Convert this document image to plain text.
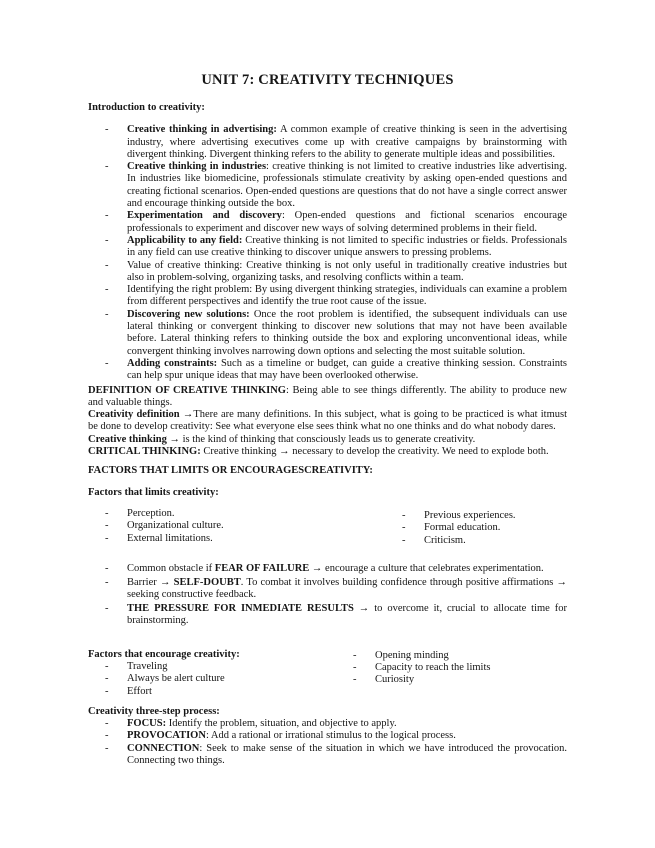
UNIT 7: CREATIVITY TECHNIQUES
Introduction to creativity:
- Creative thinking in advertising: A common example of creative thinking is seen in the advertising industry, where advertising executives come up with creative campaigns by brainstorming with divergent thinking. Divergent thinking refers to the ability to generate multiple ideas and possibilities.
- Creative thinking in industries: creative thinking is not limited to creative industries like advertising. In industries like biomedicine, professionals stimulate creativity by asking open-ended questions and creating fictional scenarios. Open-ended questions are questions that do not have a single correct answer and encourage thinking outside the box.
- Experimentation and discovery: Open-ended questions and fictional scenarios encourage professionals to experiment and discover new ways of solving determined problems in their field.
- Applicability to any field: Creative thinking is not limited to specific industries or fields. Professionals in any field can use creative thinking to discover unique answers to pressing problems.
- Value of creative thinking: Creative thinking is not only useful in traditionally creative industries but also in problem-solving, organizing tasks, and resolving conflicts within a team.
- Identifying the right problem: By using divergent thinking strategies, individuals can examine a problem from different perspectives and identify the true root cause of the issue.
- Discovering new solutions: Once the root problem is identified, the subsequent individuals can use lateral thinking or convergent thinking to discover new solutions that may not have been available before. Lateral thinking refers to thinking outside the box and exploring unconventional ideas, while convergent thinking involves narrowing down options and selecting the most suitable solution.
- Adding constraints: Such as a timeline or budget, can guide a creative thinking session. Constraints can help spur unique ideas that may have been overlooked otherwise.
DEFINITION OF CREATIVE THINKING: Being able to see things differently. The ability to produce new and valuable things.
Creativity definition →There are many definitions. In this subject, what is going to be practiced is what itmust be done to develop creativity: See what everyone else sees think what no one thinks and do what nobody dares.
Creative thinking → is the kind of thinking that consciously leads us to generate creativity.
CRITICAL THINKING: Creative thinking → necessary to develop the creativity. We need to explode both.
FACTORS THAT LIMITS OR ENCOURAGESCREATIVITY:
Factors that limits creativity:
- Perception.
- Organizational culture.
- External limitations.
- Previous experiences.
- Formal education.
- Criticism.
- Common obstacle if FEAR OF FAILURE → encourage a culture that celebrates experimentation.
- Barrier → SELF-DOUBT. To combat it involves building confidence through positive affirmations → seeking constructive feedback.
- THE PRESSURE FOR INMEDIATE RESULTS → to overcome it, crucial to allocate time for brainstorming.
Factors that encourage creativity:
- Traveling
- Always be alert culture
- Effort
- Opening minding
- Capacity to reach the limits
- Curiosity
Creativity three-step process:
- FOCUS: Identify the problem, situation, and objective to apply.
- PROVOCATION: Add a rational or irrational stimulus to the logical process.
- CONNECTION: Seek to make sense of the situation in which we have introduced the provocation. Connecting two things.
